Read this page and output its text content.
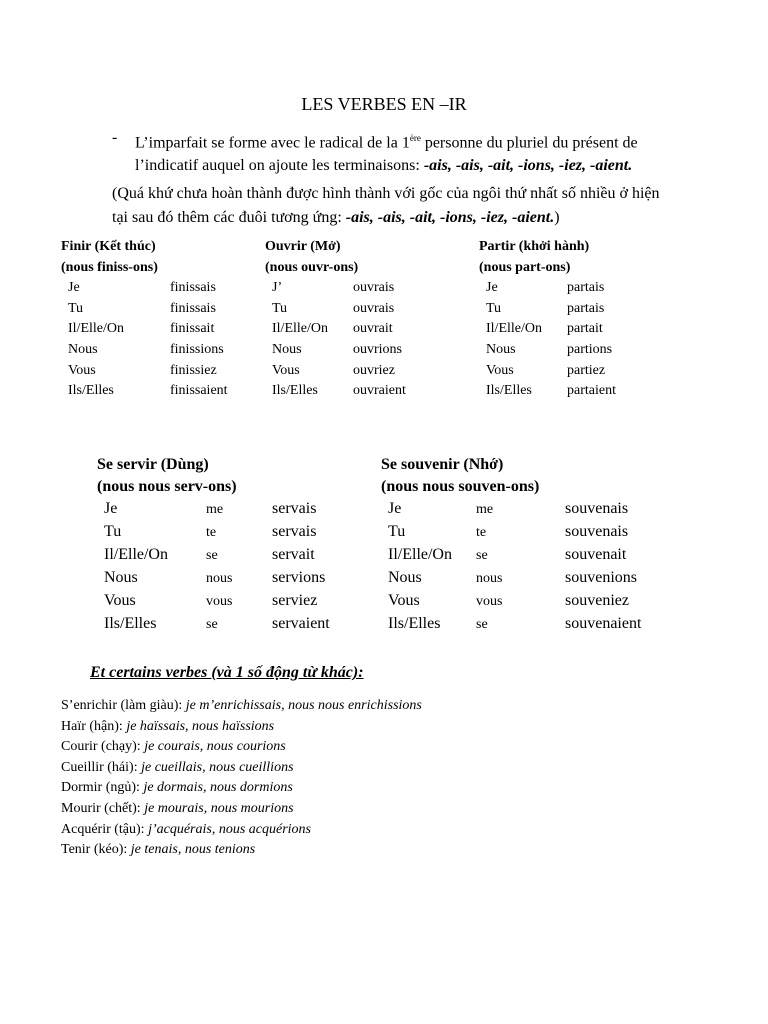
LES VERBES EN –IR
- L’imparfait se forme avec le radical de la 1ère personne du pluriel du présent de
l’indicatif auquel on ajoute les terminaisons: -ais, -ais, -ait, -ions, -iez, -aient.
(Quá khứ chưa hoàn thành được hình thành với gốc của ngôi thứ nhất số nhiều ở hiện
tại sau đó thêm các đuôi tương ứng: -ais, -ais, -ait, -ions, -iez, -aient.)
Finir (Kết thúc)
(nous finiss-ons)
Je	finissais
Tu	finissais
Il/Elle/On	finissait
Nous	finissions
Vous	finissiez
Ils/Elles	finissaient
Ouvrir (Mở)
(nous ouvr-ons)
J’	ouvrais
Tu	ouvrais
Il/Elle/On	ouvrait
Nous	ouvrions
Vous	ouvriez
Ils/Elles	ouvraient
Partir (khởi hành)
(nous part-ons)
Je	partais
Tu	partais
Il/Elle/On	partait
Nous	partions
Vous	partiez
Ils/Elles	partaient
Se servir (Dùng)
(nous nous serv-ons)
Je	me	servais
Tu	te	servais
Il/Elle/On	se	servait
Nous	nous	servions
Vous	vous	serviez
Ils/Elles	se	servaient
Se souvenir (Nhớ)
(nous nous souven-ons)
Je	me	souvenais
Tu	te	souvenais
Il/Elle/On	se	souvenait
Nous	nous	souvenions
Vous	vous	souveniez
Ils/Elles	se	souvenaient
Et certains verbes (và 1 số động từ khác):
S’enrichir (làm giàu): je m’enrichissais, nous nous enrichissions
Haïr (hận): je haïssais, nous haïssions
Courir (chạy): je courais, nous courions
Cueillir (hái): je cueillais, nous cueillions
Dormir (ngủ): je dormais, nous dormions
Mourir (chết): je mourais, nous mourions
Acquérir (tậu): j’acquérais, nous acquérions
Tenir (kéo): je tenais, nous tenions
